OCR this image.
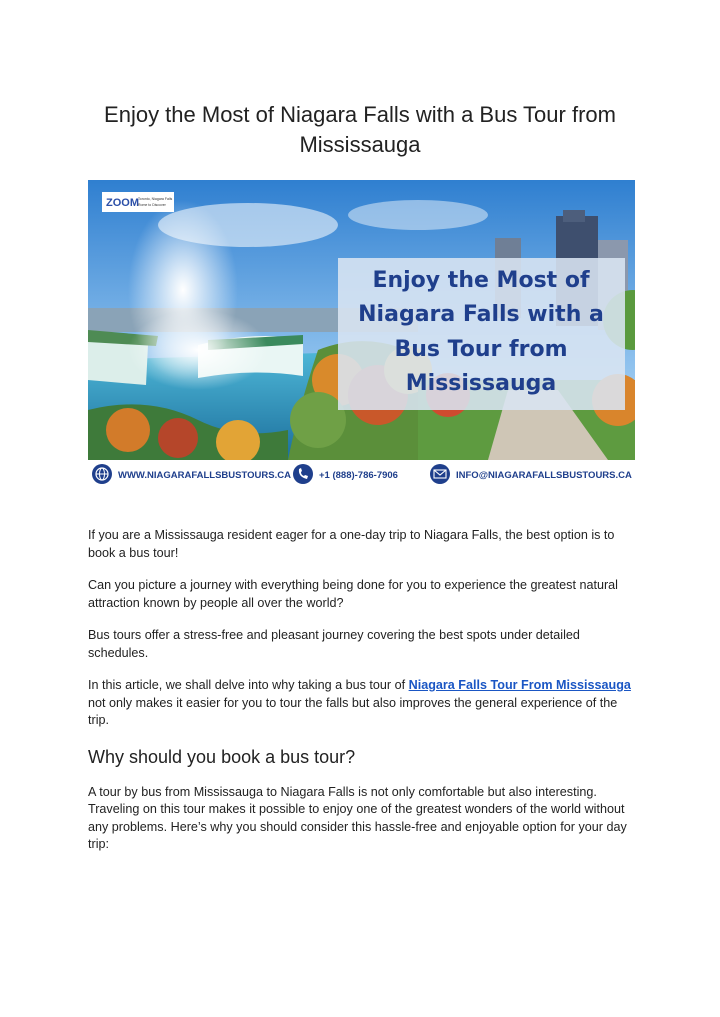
Enjoy the Most of Niagara Falls with a Bus Tour from Mississauga
ZOOM Toronto, Niagara Falls
Rome to Discover
Enjoy the Most of
Niagara Falls with a
Bus Tour from
Mississauga
WWW.NIAGARAFALLSBUSTOURS.CA	+1 (888)-786-7906	INFO@NIAGARAFALLSBUSTOURS.CA

If you are a Mississauga resident eager for a one-day trip to Niagara Falls, the best option is to book a bus tour!

Can you picture a journey with everything being done for you to experience the greatest natural attraction known by people all over the world?

Bus tours offer a stress-free and pleasant journey covering the best spots under detailed schedules.

In this article, we shall delve into why taking a bus tour of Niagara Falls Tour From Mississauga not only makes it easier for you to tour the falls but also improves the general experience of the trip.

Why should you book a bus tour?

A tour by bus from Mississauga to Niagara Falls is not only comfortable but also interesting. Traveling on this tour makes it possible to enjoy one of the greatest wonders of the world without any problems. Here’s why you should consider this hassle-free and enjoyable option for your day trip:
